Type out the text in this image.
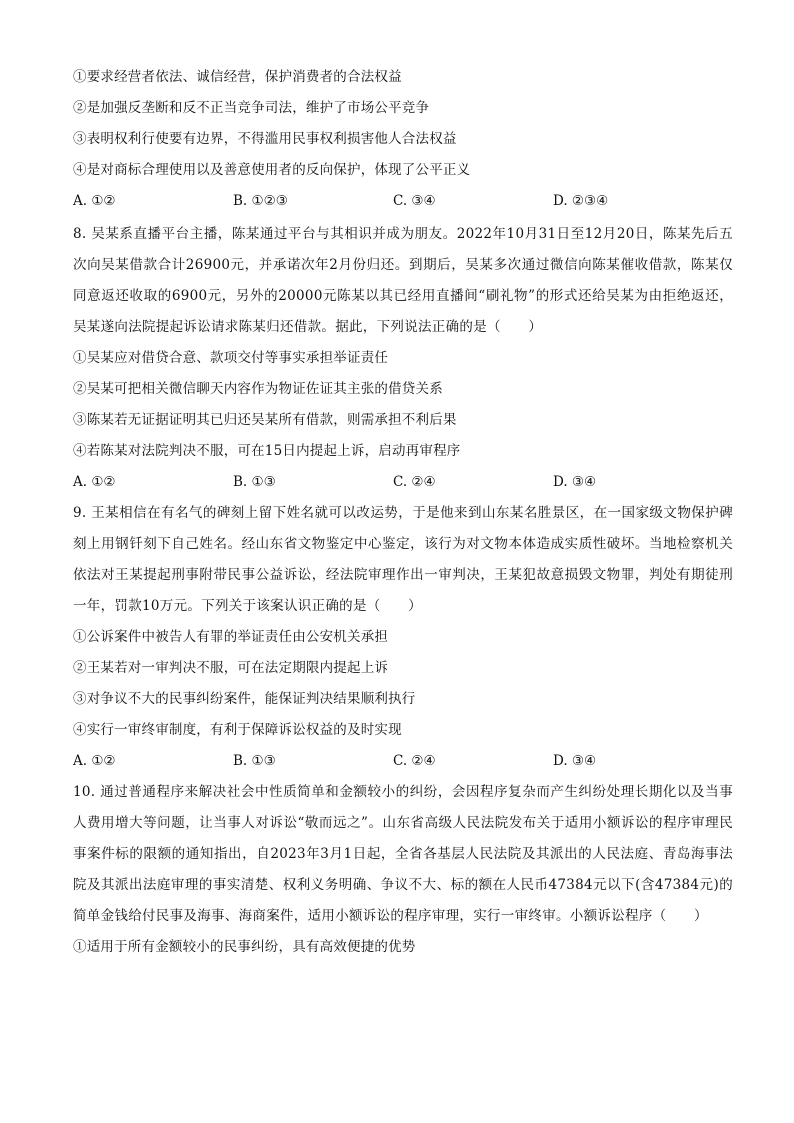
①要求经营者依法、诚信经营，保护消费者的合法权益
②是加强反垄断和反不正当竞争司法，维护了市场公平竞争
③表明权利行使要有边界，不得滥用民事权利损害他人合法权益
④是对商标合理使用以及善意使用者的反向保护，体现了公平正义
A. ①②	B. ①②③	C. ③④	D. ②③④
8. 吴某系直播平台主播，陈某通过平台与其相识并成为朋友。2022年10月31日至12月20日，陈某先后五次向吴某借款合计26900元，并承诺次年2月份归还。到期后，吴某多次通过微信向陈某催收借款，陈某仅同意返还收取的6900元，另外的20000元陈某以其已经用直播间“刷礼物”的形式还给吴某为由拒绝返还，吴某遂向法院提起诉讼请求陈某归还借款。据此，下列说法正确的是（　　）
①吴某应对借贷合意、款项交付等事实承担举证责任
②吴某可把相关微信聊天内容作为物证佐证其主张的借贷关系
③陈某若无证据证明其已归还吴某所有借款，则需承担不利后果
④若陈某对法院判决不服，可在15日内提起上诉，启动再审程序
A. ①②	B. ①③	C. ②④	D. ③④
9. 王某相信在有名气的碑刻上留下姓名就可以改运势，于是他来到山东某名胜景区，在一国家级文物保护碑刻上用钢钎刻下自己姓名。经山东省文物鉴定中心鉴定，该行为对文物本体造成实质性破坏。当地检察机关依法对王某提起刑事附带民事公益诉讼，经法院审理作出一审判决，王某犯故意损毁文物罪，判处有期徒刑一年，罚款10万元。下列关于该案认识正确的是（　　）
①公诉案件中被告人有罪的举证责任由公安机关承担
②王某若对一审判决不服，可在法定期限内提起上诉
③对争议不大的民事纠纷案件，能保证判决结果顺利执行
④实行一审终审制度，有利于保障诉讼权益的及时实现
A. ①②	B. ①③	C. ②④	D. ③④
10. 通过普通程序来解决社会中性质简单和金额较小的纠纷，会因程序复杂而产生纠纷处理长期化以及当事人费用增大等问题，让当事人对诉讼“敬而远之”。山东省高级人民法院发布关于适用小额诉讼的程序审理民事案件标的限额的通知指出，自2023年3月1日起，全省各基层人民法院及其派出的人民法庭、青岛海事法院及其派出法庭审理的事实清楚、权利义务明确、争议不大、标的额在人民币47384元以下(含47384元)的简单金钱给付民事及海事、海商案件，适用小额诉讼的程序审理，实行一审终审。小额诉讼程序（　　）
①适用于所有金额较小的民事纠纷，具有高效便捷的优势
